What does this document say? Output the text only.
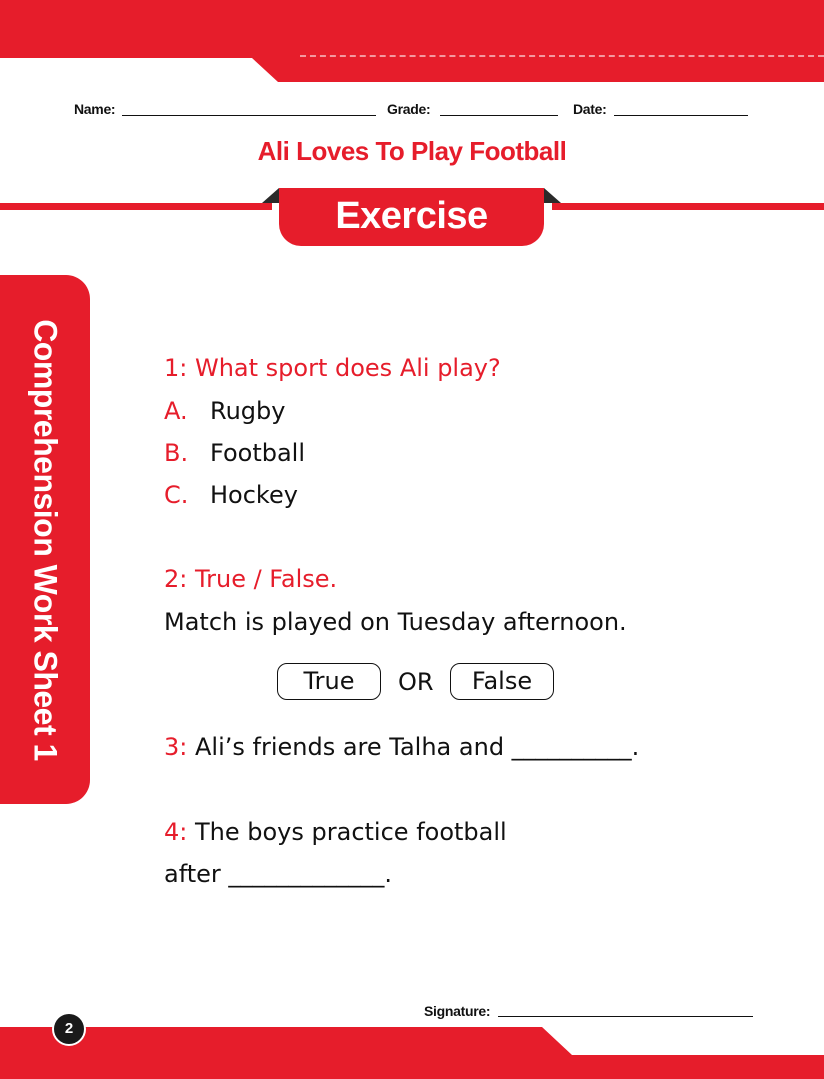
Name:	Grade:	Date:
Ali Loves To Play Football
Exercise
Comprehension Work Sheet 1	1: What sport does Ali play?
A. Rugby
B. Football
C. Hockey
2: True / False.
Match is played on Tuesday afternoon.
True	OR	False
3: Ali’s friends are Talha and __________.
4: The boys practice football
after _____________.
Signature:
2
